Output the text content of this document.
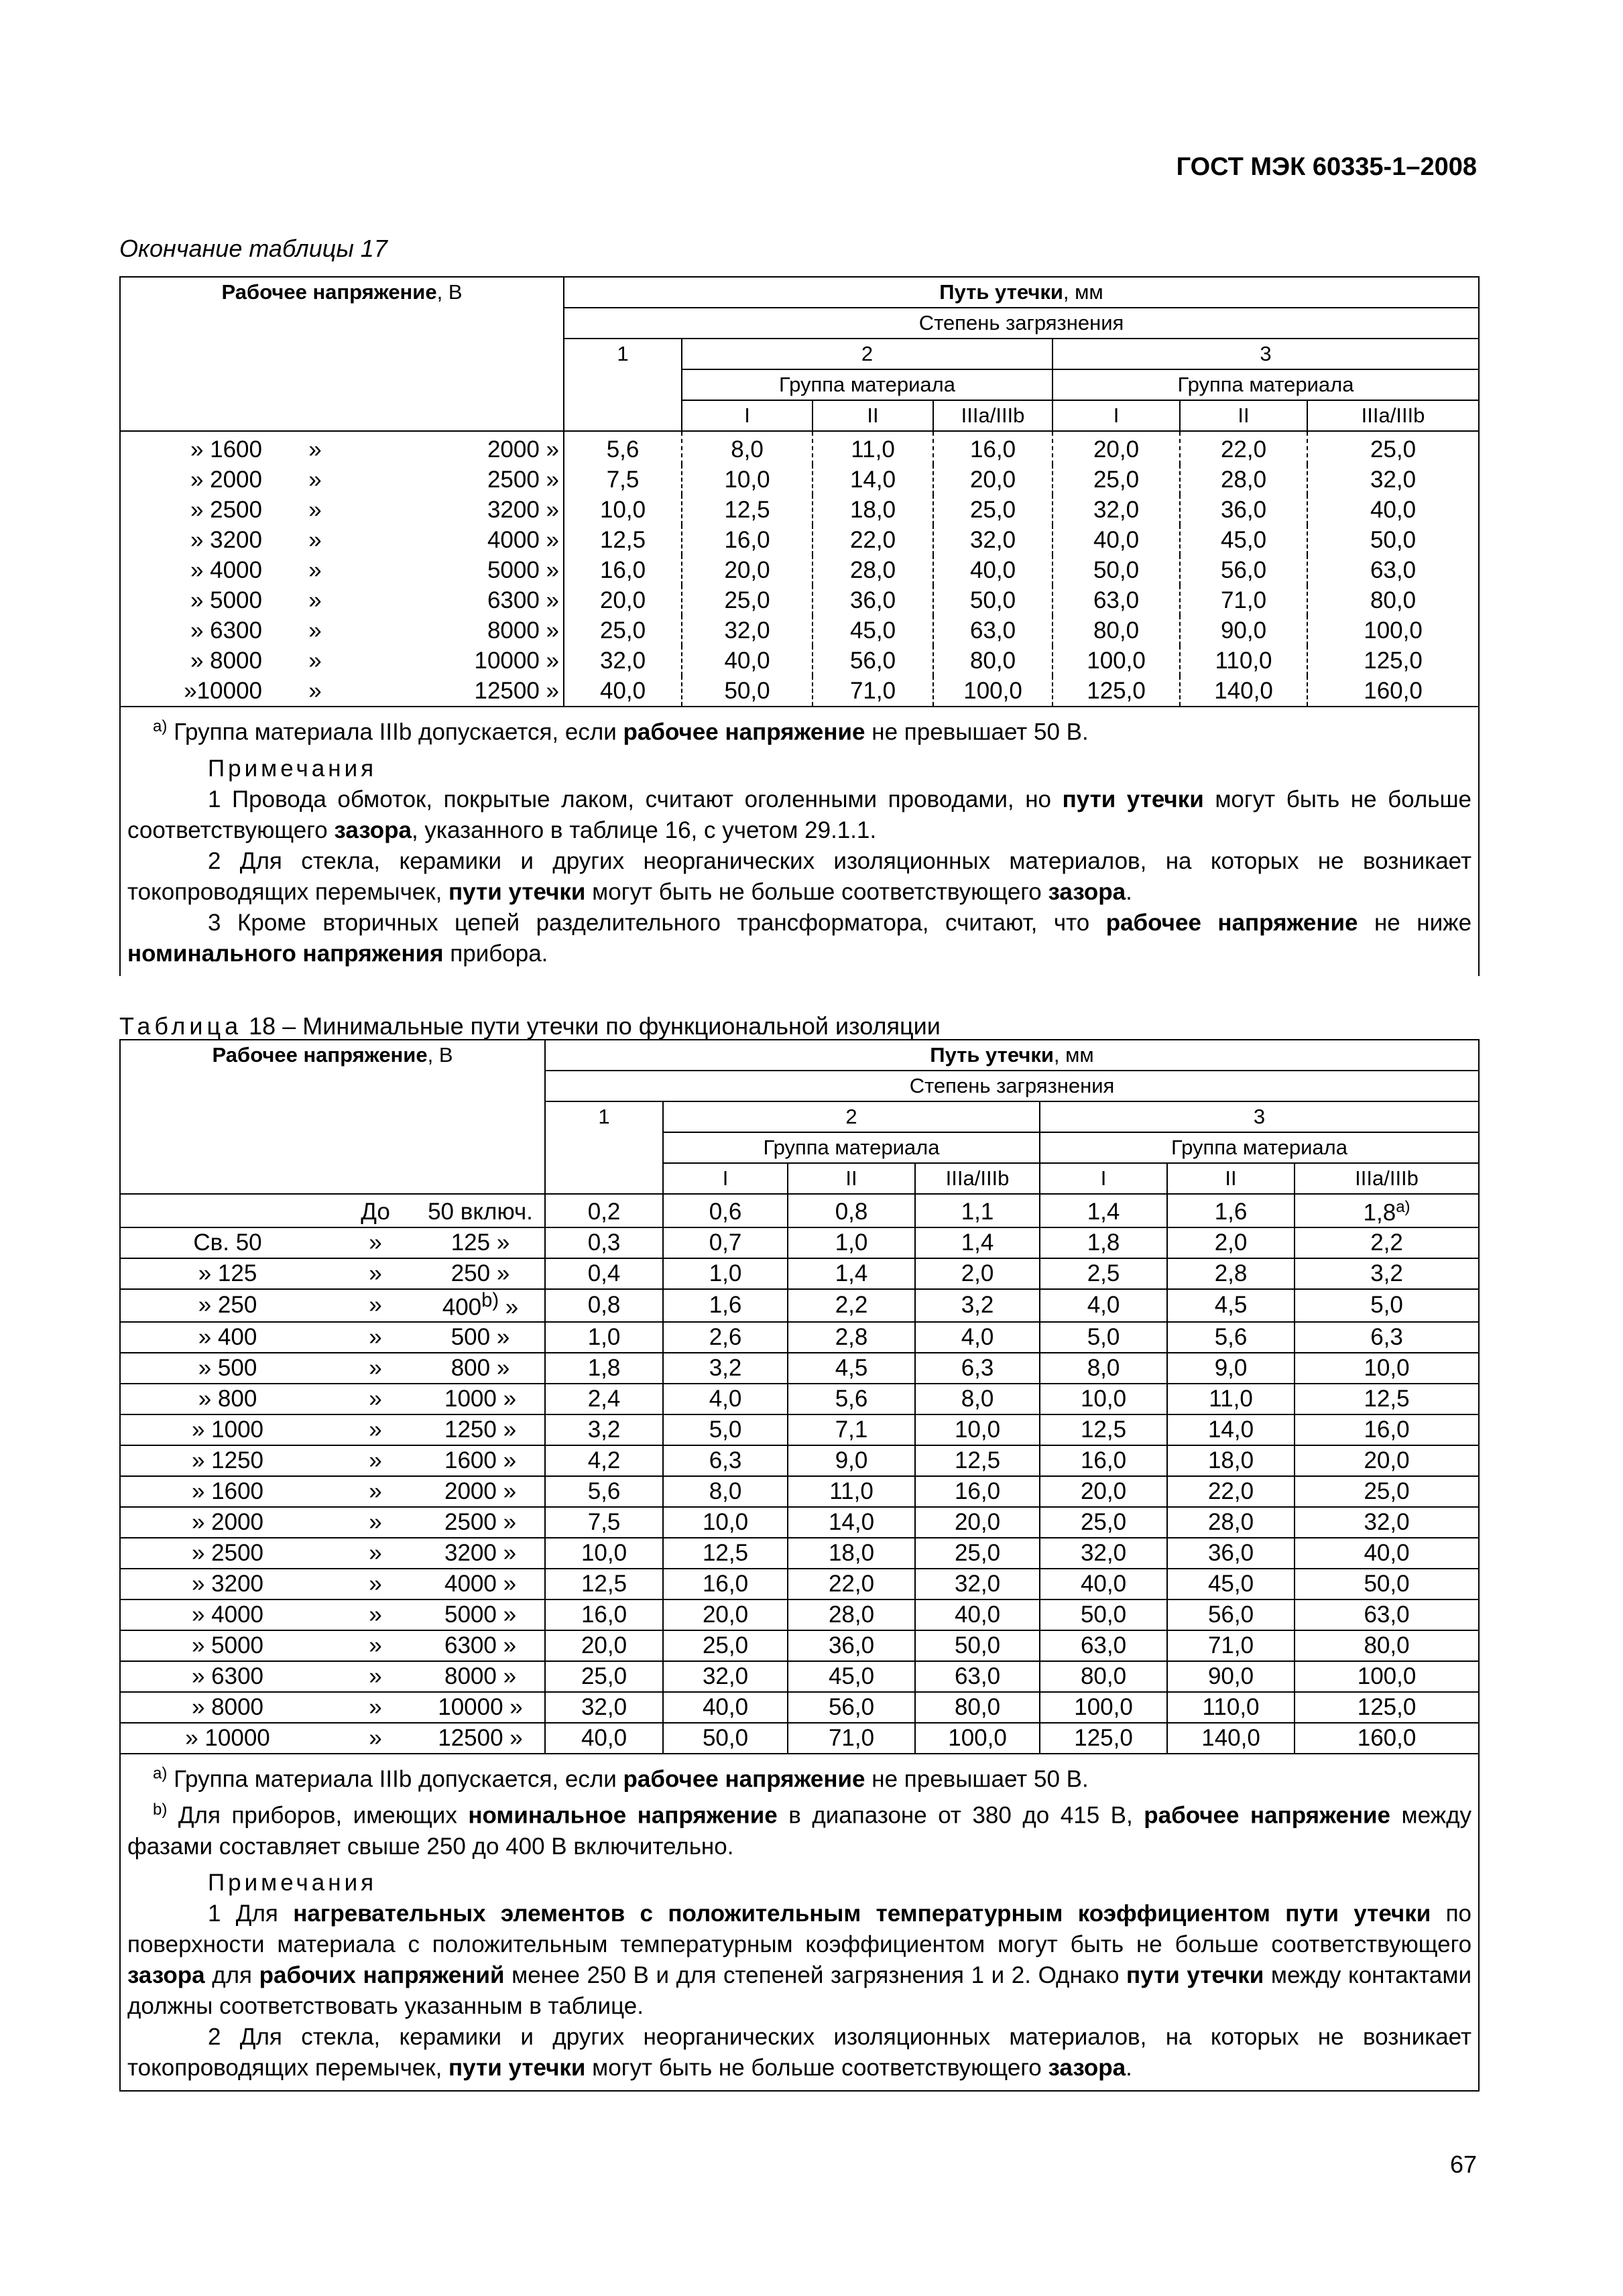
ГОСТ МЭК 60335-1–2008
Окончание таблицы 17
Рабочее напряжение, В			Путь утечки, мм						
			Степень загрязнения						
			1	2			3		
				Группа материала			Группа материала		
				I	II	IIIa/IIIb	I	II	IIIa/IIIb
» 1600	»	2000 »	5,6	8,0	11,0	16,0	20,0	22,0	25,0
» 2000	»	2500 »	7,5	10,0	14,0	20,0	25,0	28,0	32,0
» 2500	»	3200 »	10,0	12,5	18,0	25,0	32,0	36,0	40,0
» 3200	»	4000 »	12,5	16,0	22,0	32,0	40,0	45,0	50,0
» 4000	»	5000 »	16,0	20,0	28,0	40,0	50,0	56,0	63,0
» 5000	»	6300 »	20,0	25,0	36,0	50,0	63,0	71,0	80,0
» 6300	»	8000 »	25,0	32,0	45,0	63,0	80,0	90,0	100,0
» 8000	»	10000 »	32,0	40,0	56,0	80,0	100,0	110,0	125,0
»10000	»	12500 »	40,0	50,0	71,0	100,0	125,0	140,0	160,0

$^{a)}$ Группа материала IIIb допускается, если рабочее напряжение не превышает 50 В.
Примечания
1 Провода обмоток, покрытые лаком, считают оголенными проводами, но пути утечки могут быть не больше соответствующего зазора, указанного в таблице 16, с учетом 29.1.1.
2 Для стекла, керамики и других неорганических изоляционных материалов, на которых не возникает токопроводящих перемычек, пути утечки могут быть не больше соответствующего зазора.
3 Кроме вторичных цепей разделительного трансформатора, считают, что рабочее напряжение не ниже номинального напряжения прибора.									
Таблица 18 – Минимальные пути утечки по функциональной изоляции
Рабочее напряжение, В			Путь утечки, мм						
			Степень загрязнения						
			1	2			3		
				Группа материала			Группа материала		
				I	II	IIIa/IIIb	I	II	IIIa/IIIb
	До	50 включ.	0,2	0,6	0,8	1,1	1,4	1,6	1,8$^{a)}$
Св. 50	»	125 »	0,3	0,7	1,0	1,4	1,8	2,0	2,2
» 125	»	250 »	0,4	1,0	1,4	2,0	2,5	2,8	3,2
» 250	»	400$^{b)}$ »	0,8	1,6	2,2	3,2	4,0	4,5	5,0
» 400	»	500 »	1,0	2,6	2,8	4,0	5,0	5,6	6,3
» 500	»	800 »	1,8	3,2	4,5	6,3	8,0	9,0	10,0
» 800	»	1000 »	2,4	4,0	5,6	8,0	10,0	11,0	12,5
» 1000	»	1250 »	3,2	5,0	7,1	10,0	12,5	14,0	16,0
» 1250	»	1600 »	4,2	6,3	9,0	12,5	16,0	18,0	20,0
» 1600	»	2000 »	5,6	8,0	11,0	16,0	20,0	22,0	25,0
» 2000	»	2500 »	7,5	10,0	14,0	20,0	25,0	28,0	32,0
» 2500	»	3200 »	10,0	12,5	18,0	25,0	32,0	36,0	40,0
» 3200	»	4000 »	12,5	16,0	22,0	32,0	40,0	45,0	50,0
» 4000	»	5000 »	16,0	20,0	28,0	40,0	50,0	56,0	63,0
» 5000	»	6300 »	20,0	25,0	36,0	50,0	63,0	71,0	80,0
» 6300	»	8000 »	25,0	32,0	45,0	63,0	80,0	90,0	100,0
» 8000	»	10000 »	32,0	40,0	56,0	80,0	100,0	110,0	125,0
» 10000	»	12500 »	40,0	50,0	71,0	100,0	125,0	140,0	160,0

$^{a)}$ Группа материала IIIb допускается, если рабочее напряжение не превышает 50 В.
$^{b)}$ Для приборов, имеющих номинальное напряжение в диапазоне от 380 до 415 В, рабочее напряжение между фазами составляет свыше 250 до 400 В включительно.
Примечания
1 Для нагревательных элементов с положительным температурным коэффициентом пути утечки по поверхности материала с положительным температурным коэффициентом могут быть не больше соответствующего зазора для рабочих напряжений менее 250 В и для степеней загрязнения 1 и 2. Однако пути утечки между контактами должны соответствовать указанным в таблице.
2 Для стекла, керамики и других неорганических изоляционных материалов, на которых не возникает токопроводящих перемычек, пути утечки могут быть не больше соответствующего зазора.									
67
